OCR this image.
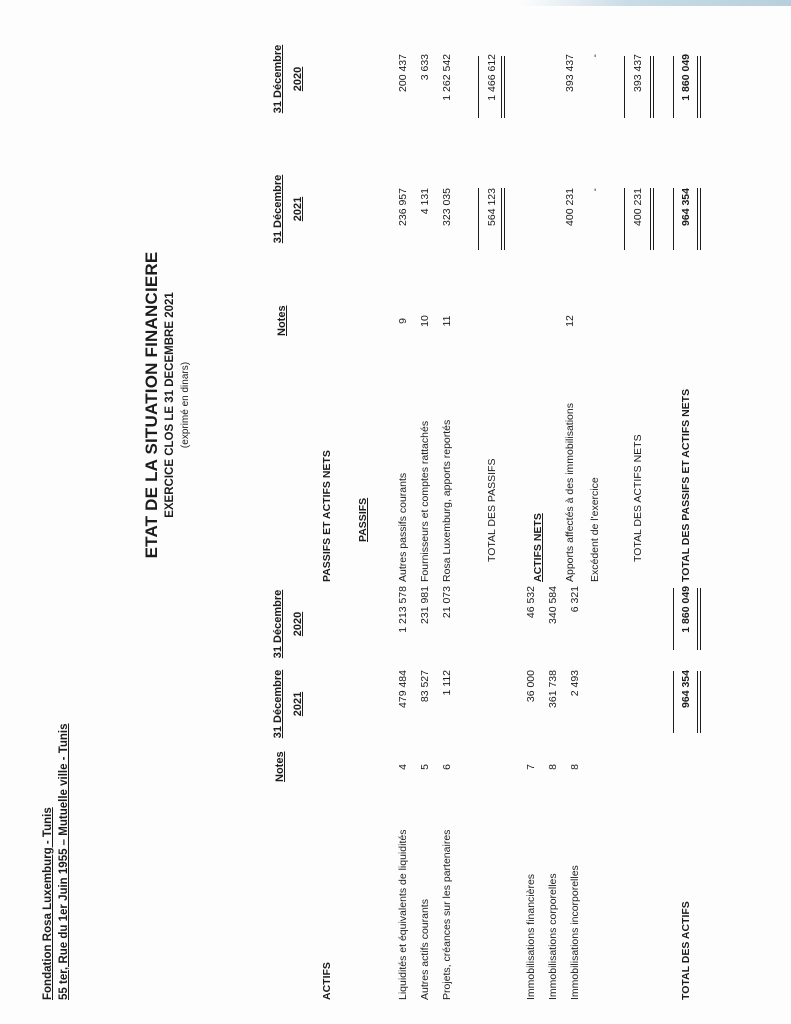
Fondation Rosa Luxemburg - Tunis 55 ter, Rue du 1er Juin 1955 – Mutuelle ville - Tunis
ETAT DE LA SITUATION FINANCIERE EXERCICE CLOS LE 31 DECEMBRE 2021 (exprimé en dinars)
Notes
31 Décembre 2021
31 Décembre 2020
Notes
31 Décembre 2021
31 Décembre 2020
ACTIFS	Liquidités et équivalents de liquidités
4
479 484
1 213 578
Autres actifs courants
5
83 527
231 981
Projets, créances sur les partenaires
6
1 112
21 073
Immobilisations financières
7
36 000
46 532
Immobilisations corporelles
8
361 738
340 584
Immobilisations incorporelles
8
2 493
6 321
TOTAL DES ACTIFS
964 354
1 860 049
PASSIFS ET ACTIFS NETS PASSIFS	Autres passifs courants
9
236 957
200 437
Fournisseurs et comptes rattachés
10
4 131
3 633
Rosa Luxemburg, apports reportés
11
323 035
1 262 542
TOTAL DES PASSIFS
564 123
1 466 612
ACTIFS NETS Apports affectés à des immobilisations
12
400 231
393 437
Excédent de l'exercice
-
-
TOTAL DES ACTIFS NETS
400 231
393 437
TOTAL DES PASSIFS ET ACTIFS NETS
964 354
1 860 049
